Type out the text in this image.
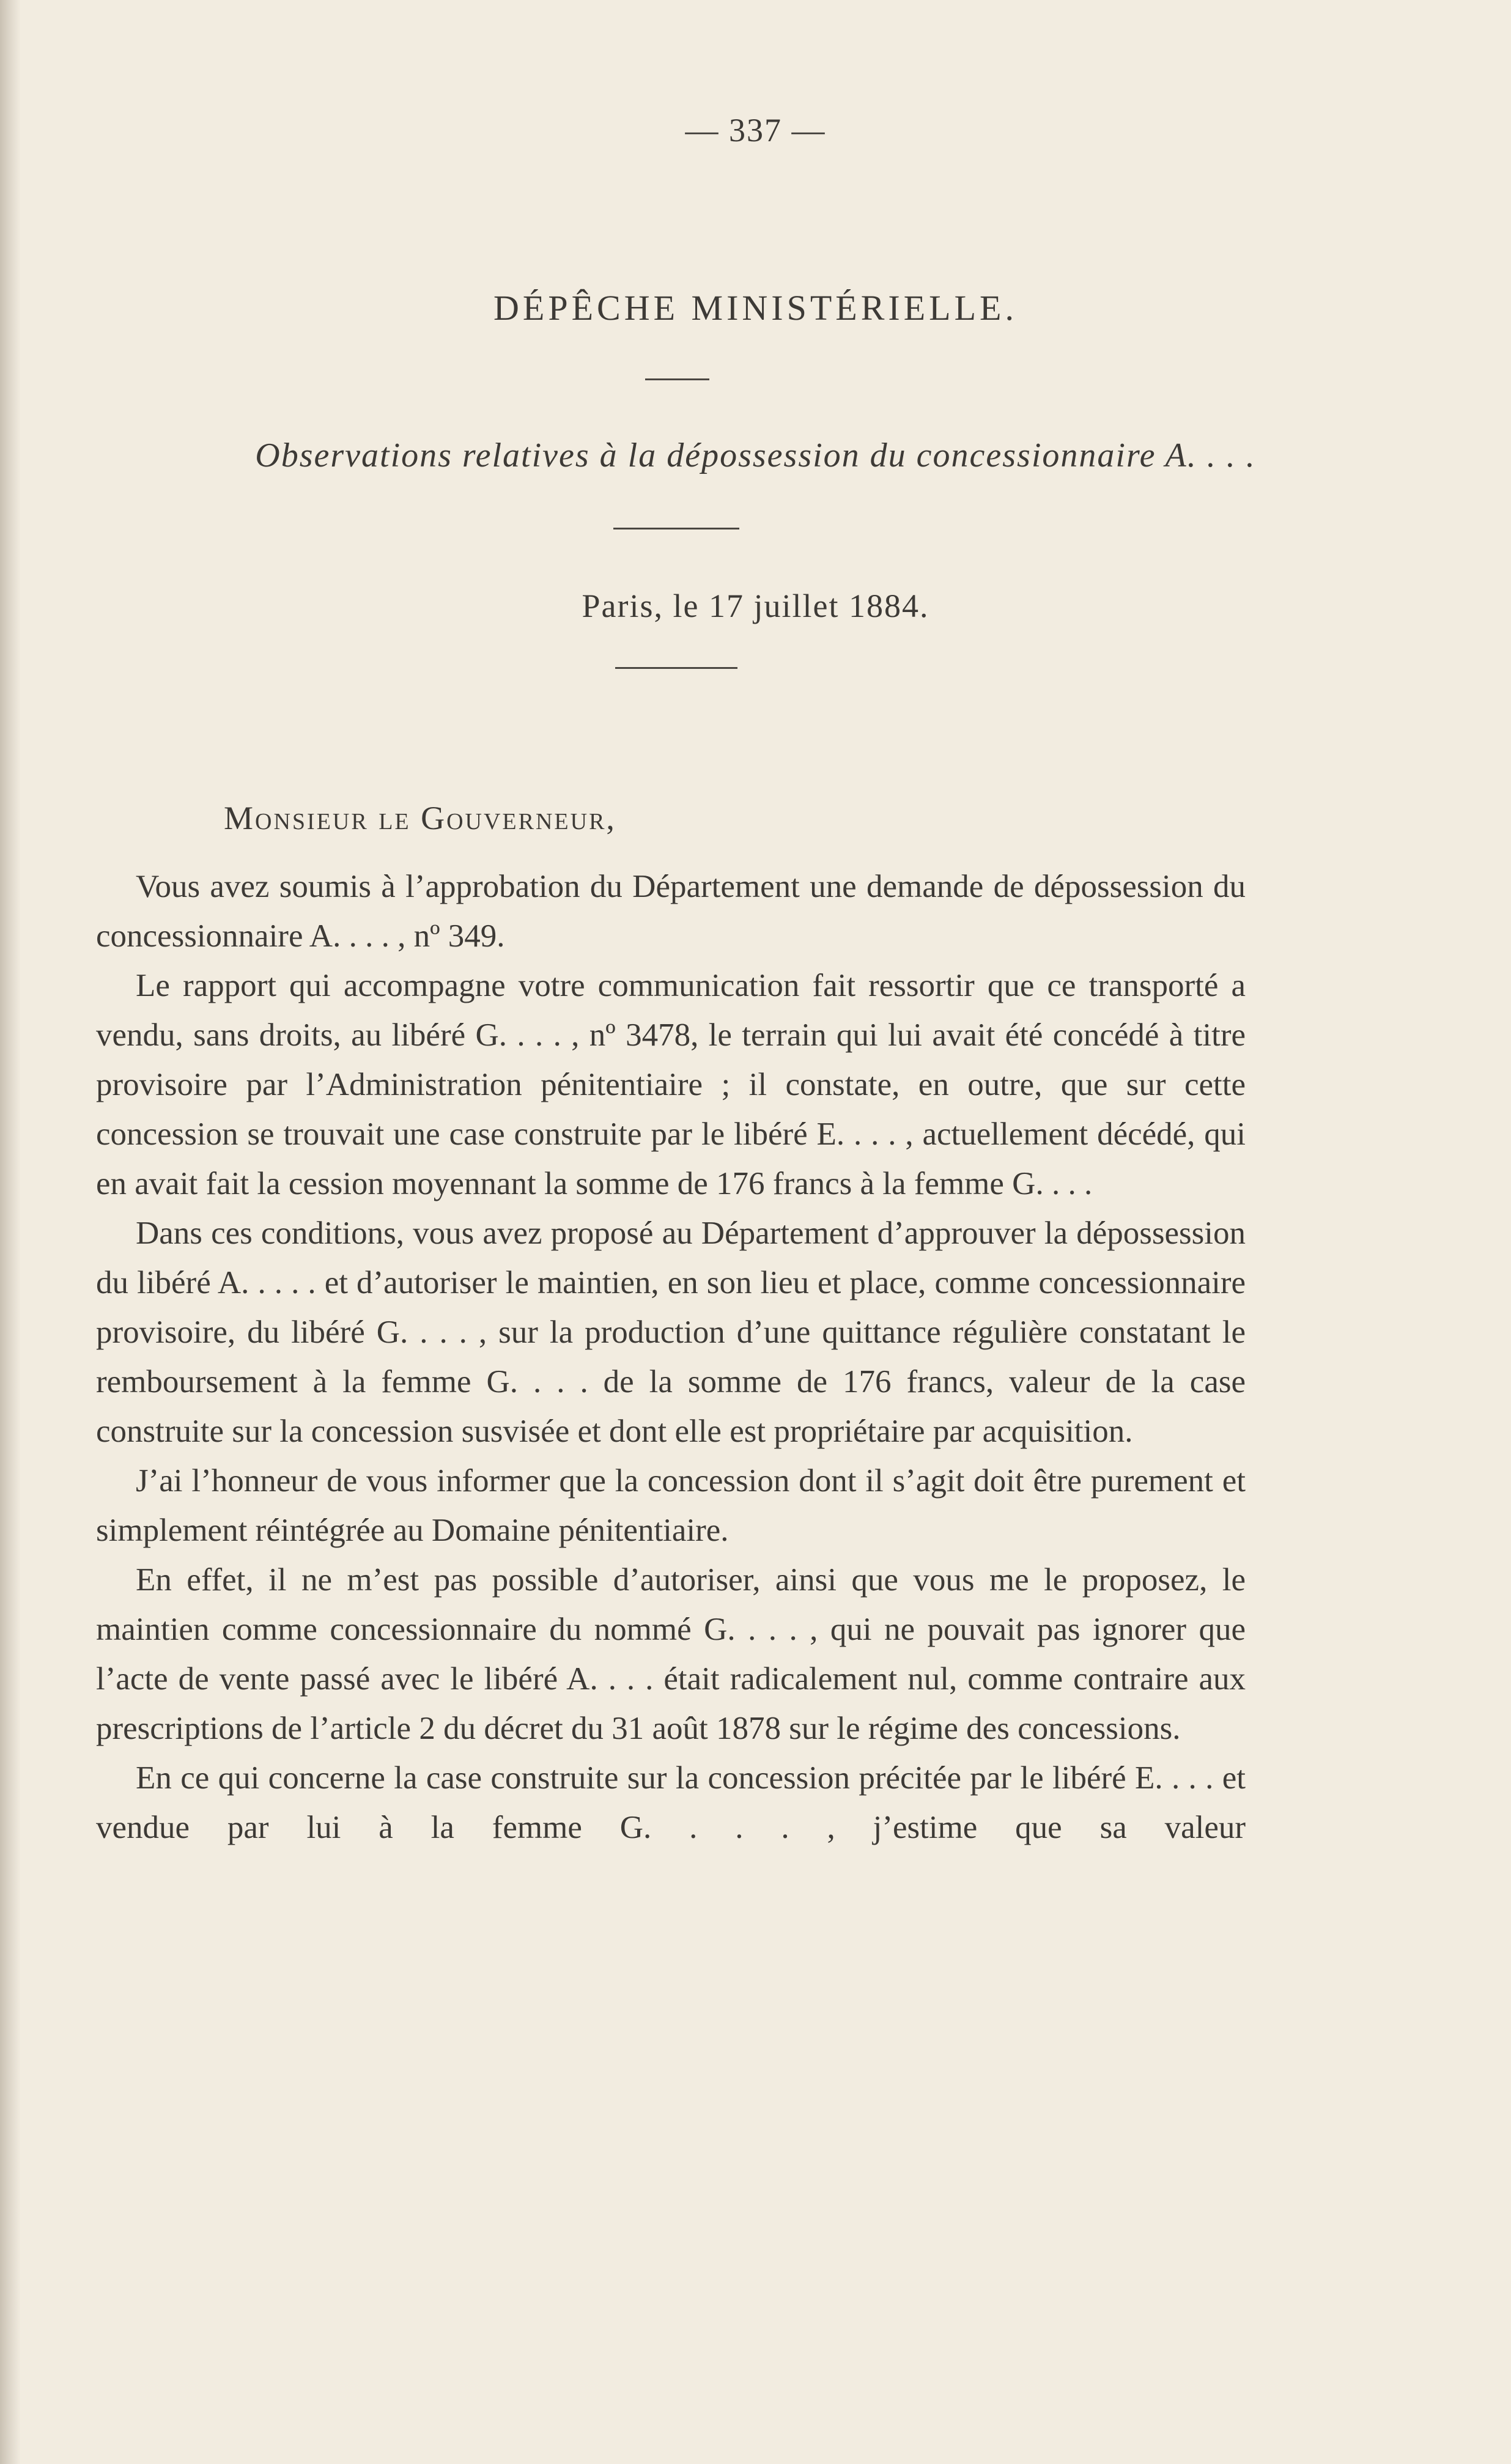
— 337 —
DÉPÊCHE MINISTÉRIELLE.
Observations relatives à la dépossession du concessionnaire A. . . .
Paris, le 17 juillet 1884.
Monsieur le Gouverneur,

Vous avez soumis à l’approbation du Département une demande de dépossession du concessionnaire A. . . . , nº 349.

Le rapport qui accompagne votre communication fait ressortir que ce transporté a vendu, sans droits, au libéré G. . . . , nº 3478, le terrain qui lui avait été concédé à titre provisoire par l’Administration pénitentiaire ; il constate, en outre, que sur cette concession se trouvait une case construite par le libéré E. . . . , actuellement décédé, qui en avait fait la cession moyennant la somme de 176 francs à la femme G. . . .

Dans ces conditions, vous avez proposé au Département d’approuver la dépossession du libéré A. . . . . et d’autoriser le maintien, en son lieu et place, comme concessionnaire provisoire, du libéré G. . . . , sur la production d’une quittance régulière constatant le remboursement à la femme G. . . . de la somme de 176 francs, valeur de la case construite sur la concession susvisée et dont elle est propriétaire par acquisition.

J’ai l’honneur de vous informer que la concession dont il s’agit doit être purement et simplement réintégrée au Domaine pénitentiaire.

En effet, il ne m’est pas possible d’autoriser, ainsi que vous me le proposez, le maintien comme concessionnaire du nommé G. . . . , qui ne pouvait pas ignorer que l’acte de vente passé avec le libéré A. . . . était radicalement nul, comme contraire aux prescriptions de l’article 2 du décret du 31 août 1878 sur le régime des concessions.

En ce qui concerne la case construite sur la concession précitée par le libéré E. . . . et vendue par lui à la femme G. . . . , j’estime que sa valeur
